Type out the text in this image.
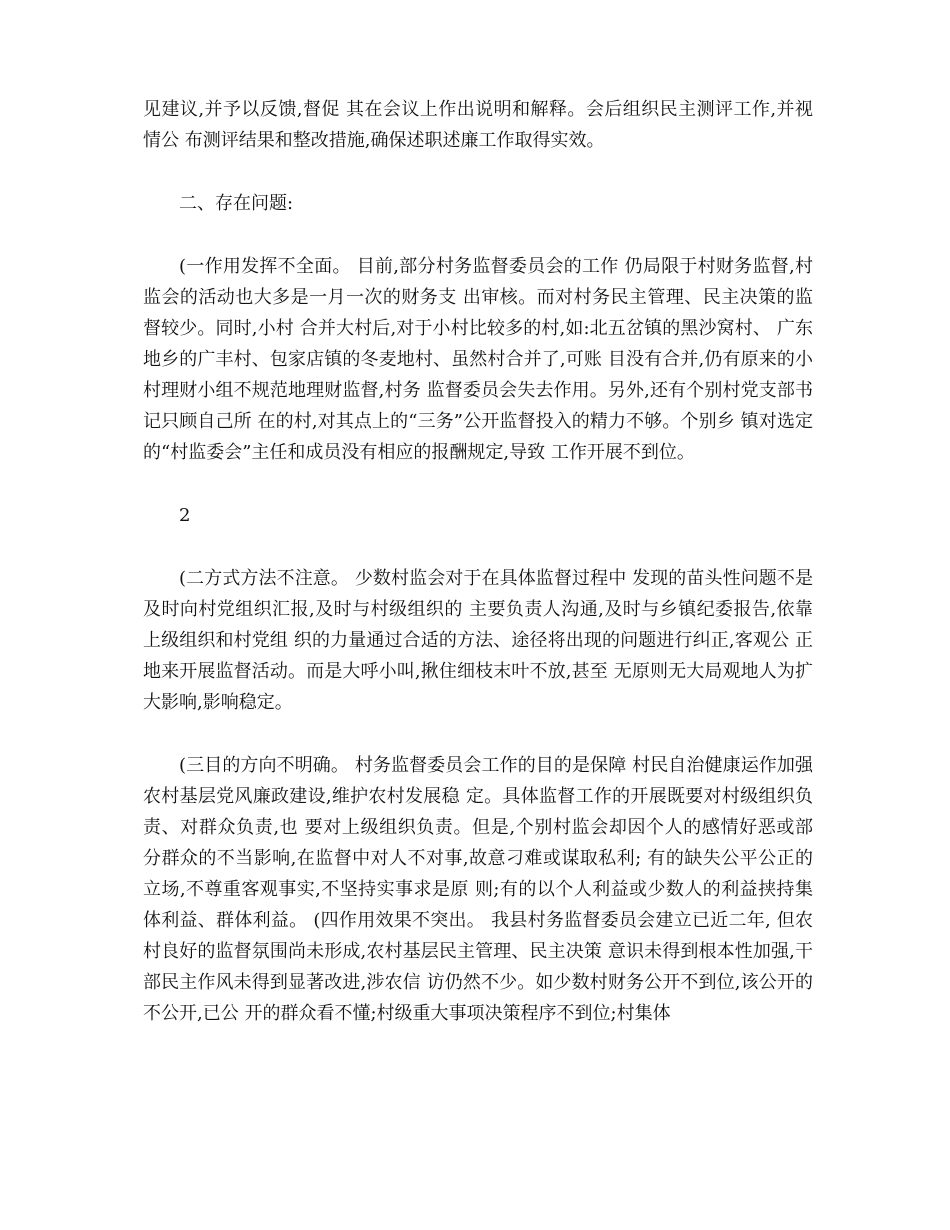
见建议,并予以反馈,督促 其在会议上作出说明和解释。会后组织民主测评工作,并视情公 布测评结果和整改措施,确保述职述廉工作取得实效。

二、存在问题:

(一作用发挥不全面。 目前,部分村务监督委员会的工作 仍局限于村财务监督,村监会的活动也大多是一月一次的财务支 出审核。而对村务民主管理、民主决策的监督较少。同时,小村 合并大村后,对于小村比较多的村,如:北五岔镇的黑沙窝村、 广东地乡的广丰村、包家店镇的冬麦地村、虽然村合并了,可账 目没有合并,仍有原来的小村理财小组不规范地理财监督,村务 监督委员会失去作用。另外,还有个别村党支部书记只顾自己所 在的村,对其点上的“三务”公开监督投入的精力不够。个别乡 镇对选定的“村监委会”主任和成员没有相应的报酬规定,导致 工作开展不到位。

2

(二方式方法不注意。 少数村监会对于在具体监督过程中 发现的苗头性问题不是及时向村党组织汇报,及时与村级组织的 主要负责人沟通,及时与乡镇纪委报告,依靠上级组织和村党组 织的力量通过合适的方法、途径将出现的问题进行纠正,客观公 正地来开展监督活动。而是大呼小叫,揪住细枝末叶不放,甚至 无原则无大局观地人为扩大影响,影响稳定。

(三目的方向不明确。 村务监督委员会工作的目的是保障 村民自治健康运作加强农村基层党风廉政建设,维护农村发展稳 定。具体监督工作的开展既要对村级组织负责、对群众负责,也 要对上级组织负责。但是,个别村监会却因个人的感情好恶或部 分群众的不当影响,在监督中对人不对事,故意刁难或谋取私利; 有的缺失公平公正的立场,不尊重客观事实,不坚持实事求是原 则;有的以个人利益或少数人的利益挟持集体利益、群体利益。 (四作用效果不突出。 我县村务监督委员会建立已近二年, 但农村良好的监督氛围尚未形成,农村基层民主管理、民主决策 意识未得到根本性加强,干部民主作风未得到显著改进,涉农信 访仍然不少。如少数村财务公开不到位,该公开的不公开,已公 开的群众看不懂;村级重大事项决策程序不到位;村集体
